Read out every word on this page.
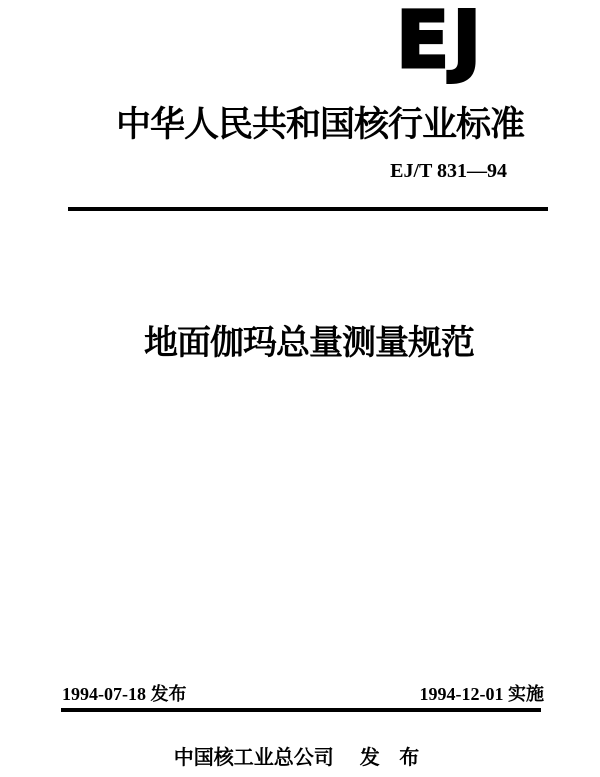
EJ
中华人民共和国核行业标准
EJ/T 831—94
地面伽玛总量测量规范
1994-07-18 发布	1994-12-01 实施
中国核工业总公司 发 布
